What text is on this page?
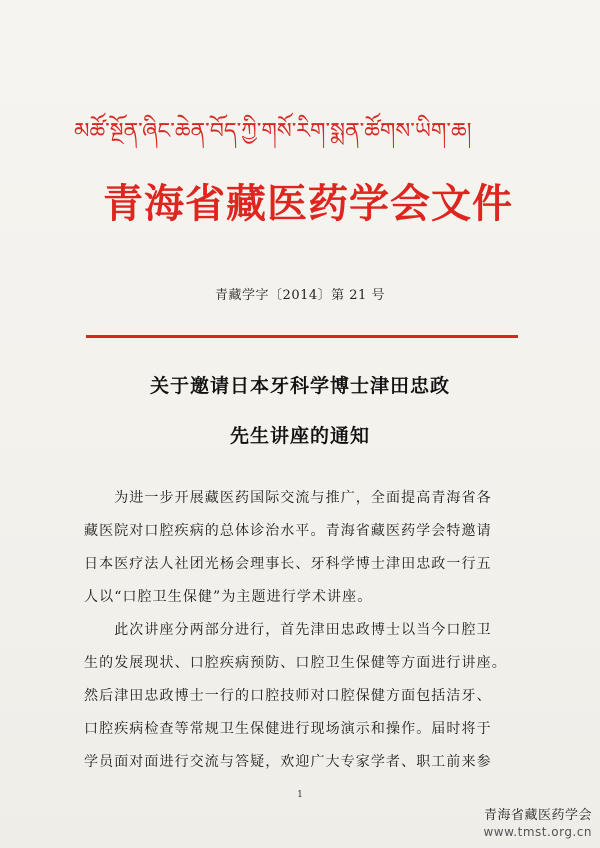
མཚོ་སྔོན་ཞིང་ཆེན་བོད་ཀྱི་གསོ་རིག་སྨན་ཚོགས་ཡིག་ཆ།
青海省藏医药学会文件
青藏学字〔2014〕第 21 号
关于邀请日本牙科学博士津田忠政
先生讲座的通知
　　为进一步开展藏医药国际交流与推广，全面提高青海省各
藏医院对口腔疾病的总体诊治水平。青海省藏医药学会特邀请
日本医疗法人社团光杨会理事长、牙科学博士津田忠政一行五
人以“口腔卫生保健”为主题进行学术讲座。
　　此次讲座分两部分进行，首先津田忠政博士以当今口腔卫
生的发展现状、口腔疾病预防、口腔卫生保健等方面进行讲座。
然后津田忠政博士一行的口腔技师对口腔保健方面包括洁牙、
口腔疾病检查等常规卫生保健进行现场演示和操作。届时将于
学员面对面进行交流与答疑，欢迎广大专家学者、职工前来参
1
青海省藏医药学会
www.tmst.org.cn
